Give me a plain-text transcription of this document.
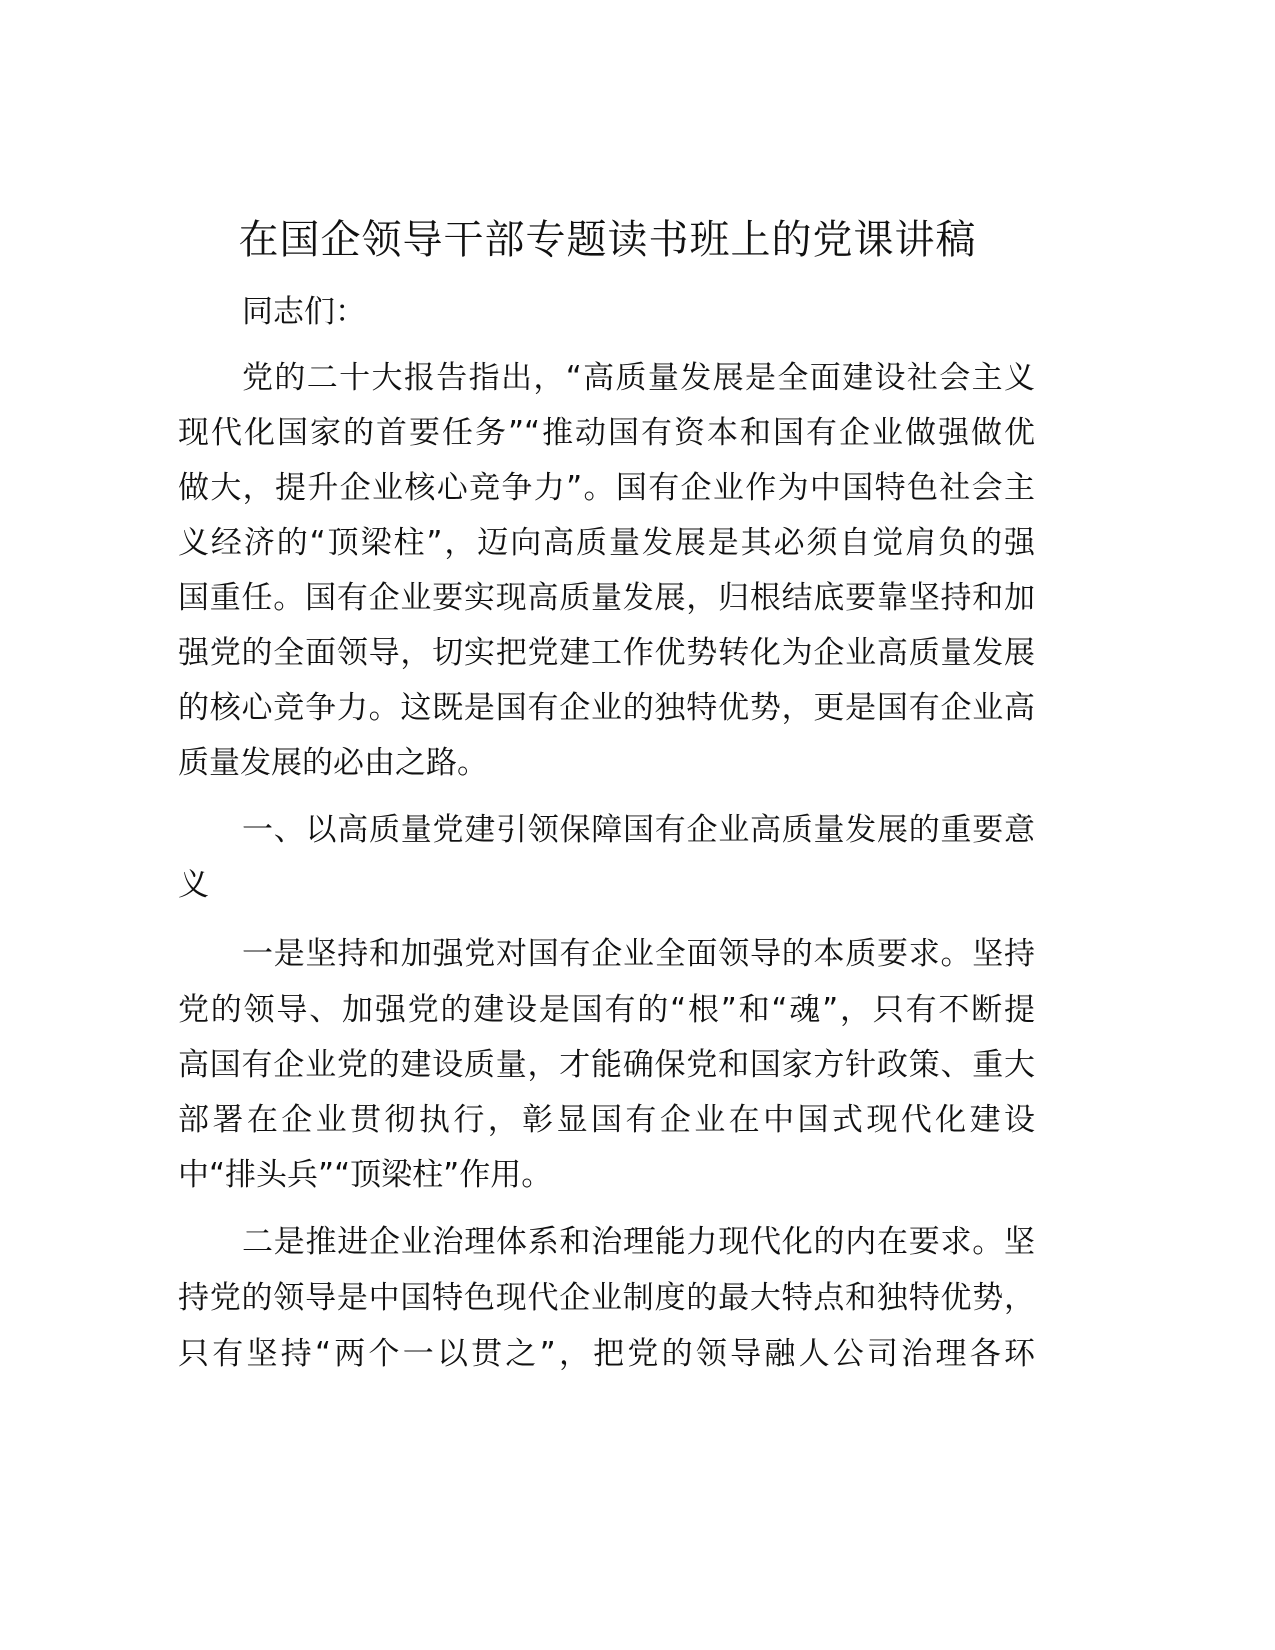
在国企领导干部专题读书班上的党课讲稿
同志们：
党的二十大报告指出，“高质量发展是全面建设社会主义
现代化国家的首要任务”“推动国有资本和国有企业做强做优
做大，提升企业核心竞争力”。国有企业作为中国特色社会主
义经济的“顶梁柱”，迈向高质量发展是其必须自觉肩负的强
国重任。国有企业要实现高质量发展，归根结底要靠坚持和加
强党的全面领导，切实把党建工作优势转化为企业高质量发展
的核心竞争力。这既是国有企业的独特优势，更是国有企业高
质量发展的必由之路。
一、以高质量党建引领保障国有企业高质量发展的重要意
义
一是坚持和加强党对国有企业全面领导的本质要求。坚持
党的领导、加强党的建设是国有的“根”和“魂”，只有不断提
高国有企业党的建设质量，才能确保党和国家方针政策、重大
部署在企业贯彻执行，彰显国有企业在中国式现代化建设
中“排头兵”“顶梁柱”作用。
二是推进企业治理体系和治理能力现代化的内在要求。坚
持党的领导是中国特色现代企业制度的最大特点和独特优势，
只有坚持“两个一以贯之”，把党的领导融人公司治理各环
